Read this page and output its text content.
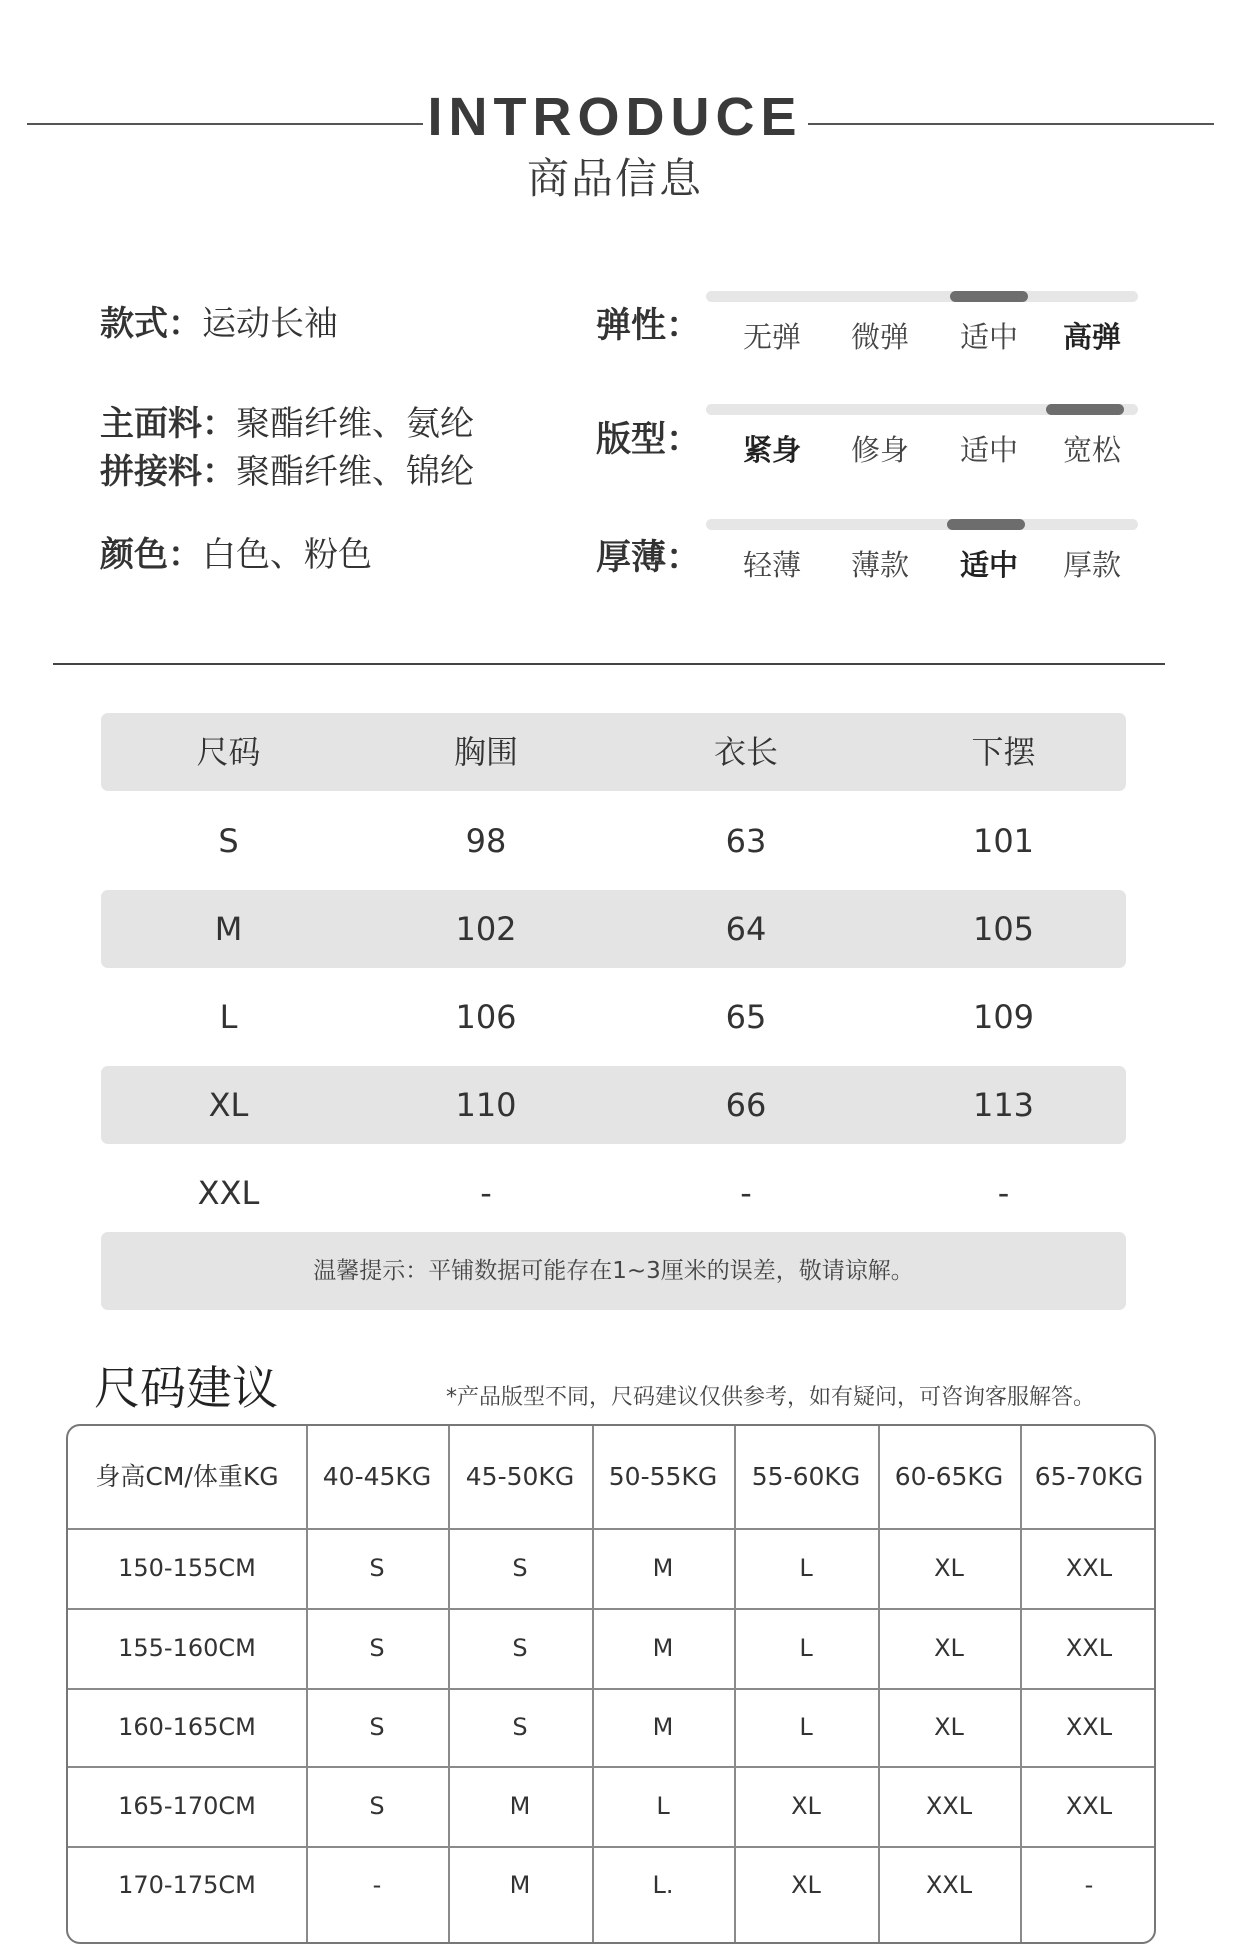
INTRODUCE
商品信息
款式：运动长袖
主面料：聚酯纤维、氨纶
拼接料：聚酯纤维、锦纶
颜色：白色、粉色
弹性：	无弹	微弹	适中	高弹
版型：	紧身	修身	适中	宽松
厚薄：	轻薄	薄款	适中	厚款
尺码	胸围	衣长	下摆
S	98	63	101
M	102	64	105
L	106	65	109
XL	110	66	113
XXL	-	-	-
温馨提示：平铺数据可能存在1~3厘米的误差，敬请谅解。
尺码建议	*产品版型不同，尺码建议仅供参考，如有疑问，可咨询客服解答。
身高CM/体重KG	40-45KG	45-50KG	50-55KG	55-60KG	60-65KG	65-70KG
150-155CM	S	S	M	L	XL	XXL
155-160CM	S	S	M	L	XL	XXL
160-165CM	S	S	M	L	XL	XXL
165-170CM	S	M	L	XL	XXL	XXL
170-175CM	-	M	L.	XL	XXL	-
